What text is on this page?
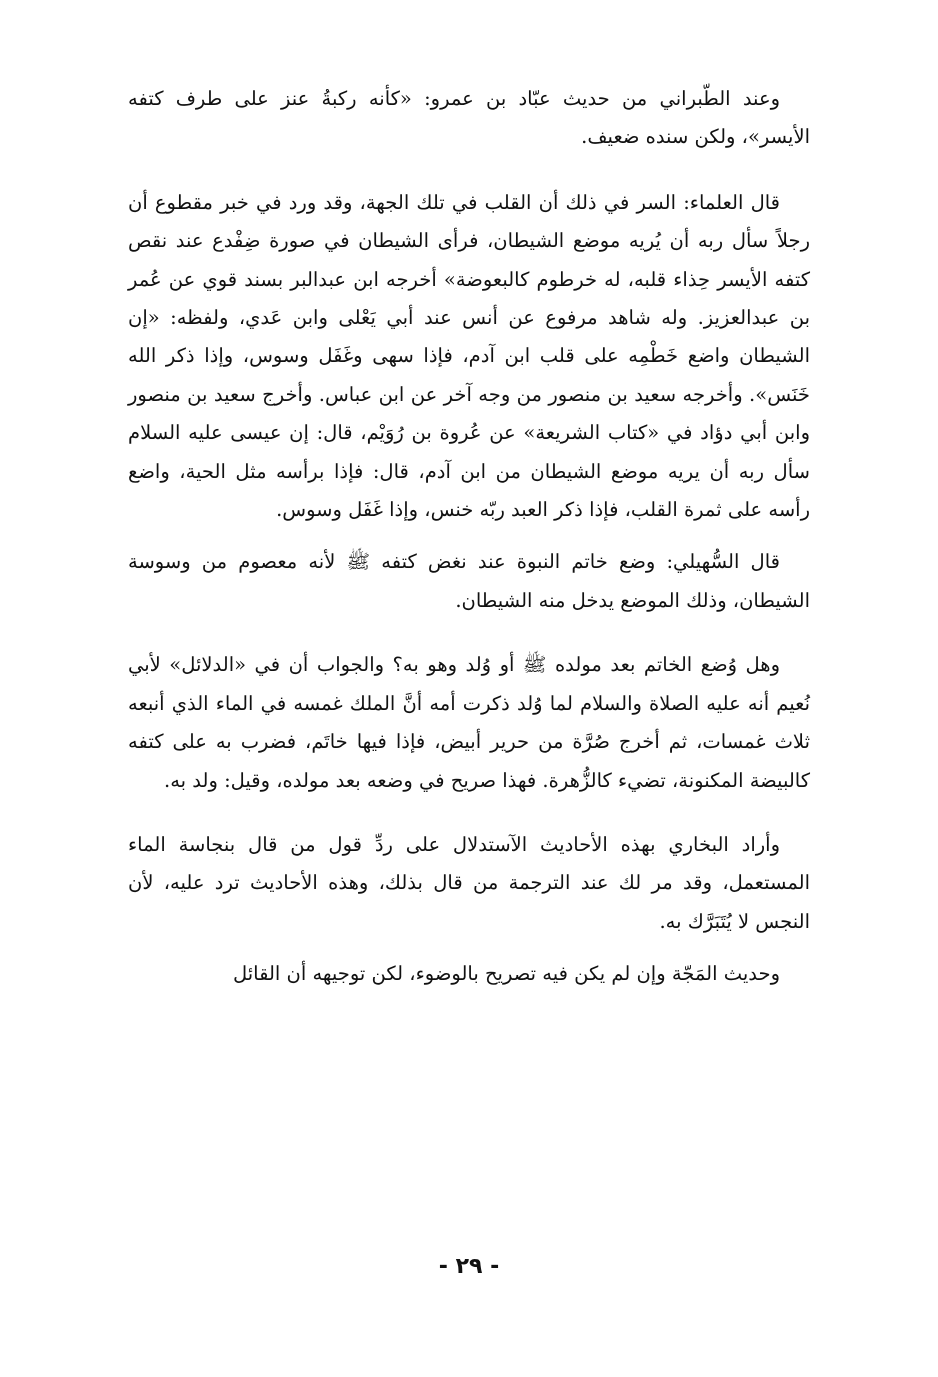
وعند الطّبراني من حديث عبّاد بن عمرو: «كأنه ركبةُ عنز على طرف كتفه الأيسر»، ولكن سنده ضعيف.

قال العلماء: السر في ذلك أن القلب في تلك الجهة، وقد ورد في خبر مقطوع أن رجلاً سأل ربه أن يُريه موضع الشيطان، فرأى الشيطان في صورة ضِفْدع عند نقص كتفه الأيسر حِذاء قلبه، له خرطوم كالبعوضة» أخرجه ابن عبدالبر بسند قوي عن عُمر بن عبدالعزيز. وله شاهد مرفوع عن أنس عند أبي يَعْلى وابن عَدي، ولفظه: «إن الشيطان واضع خَطْمِه على قلب ابن آدم، فإذا سهى وغَفَل وسوس، وإذا ذكر الله خَنَس». وأخرجه سعيد بن منصور من وجه آخر عن ابن عباس. وأخرج سعيد بن منصور وابن أبي دؤاد في «كتاب الشريعة» عن عُروة بن رُوَيْم، قال: إن عيسى عليه السلام سأل ربه أن يريه موضع الشيطان من ابن آدم، قال: فإذا برأسه مثل الحية، واضع رأسه على ثمرة القلب، فإذا ذكر العبد ربّه خنس، وإذا غَفَل وسوس.

قال السُّهيلي: وضع خاتم النبوة عند نغض كتفه ﷺ لأنه معصوم من وسوسة الشيطان، وذلك الموضع يدخل منه الشيطان.

وهل وُضع الخاتم بعد مولده ﷺ أو وُلد وهو به؟ والجواب أن في «الدلائل» لأبي نُعيم أنه عليه الصلاة والسلام لما وُلد ذكرت أمه أنَّ الملك غمسه في الماء الذي أنبعه ثلاث غمسات، ثم أخرج صُرَّة من حرير أبيض، فإذا فيها خاتَم، فضرب به على كتفه كالبيضة المكنونة، تضيء كالزُّهرة. فهذا صريح في وضعه بعد مولده، وقيل: ولد به.

وأراد البخاري بهذه الأحاديث الآستدلال على ردِّ قول من قال بنجاسة الماء المستعمل، وقد مر لك عند الترجمة من قال بذلك، وهذه الأحاديث ترد عليه، لأن النجس لا يُتَبَرَّك به.

وحديث المَجّة وإن لم يكن فيه تصريح بالوضوء، لكن توجيهه أن القائل

- ٢٩ -
